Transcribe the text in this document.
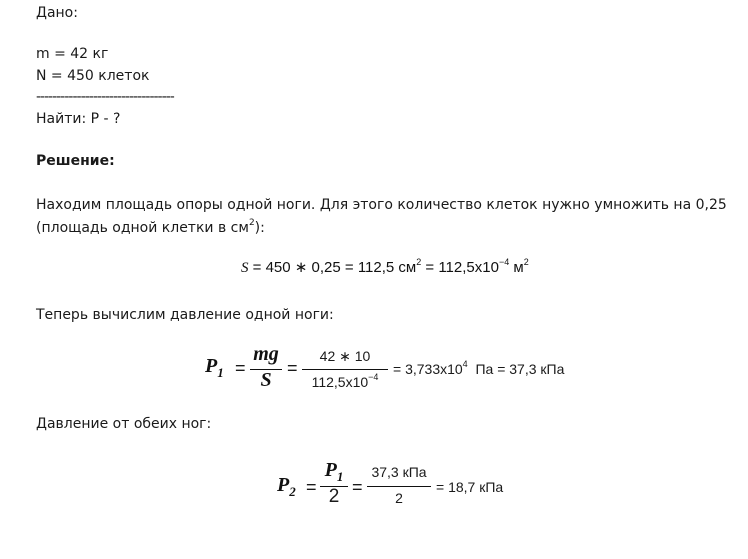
Дано:
m = 42 кг
N = 450 клеток
----------------------------------
Найти: P - ?
Решение:
Находим площадь опоры одной ноги. Для этого количество клеток нужно умножить на 0,25
(площадь одной клетки в $см^2$):
S = 450 ∗ 0,25 = 112,5 $см^2 = 112,5x10^{-4}$ $м^2$
Теперь вычислим давление одной ноги:
$P_1$ =
mg
S
=
42 ∗ 10
$112,5x10^{-4}$	= $3,733x10^4$  Па = 37,3 кПа
Давление от обеих ног:
$P_2$ =
$P_1$
2 =
37,3 кПа
2
= 18,7 кПа
